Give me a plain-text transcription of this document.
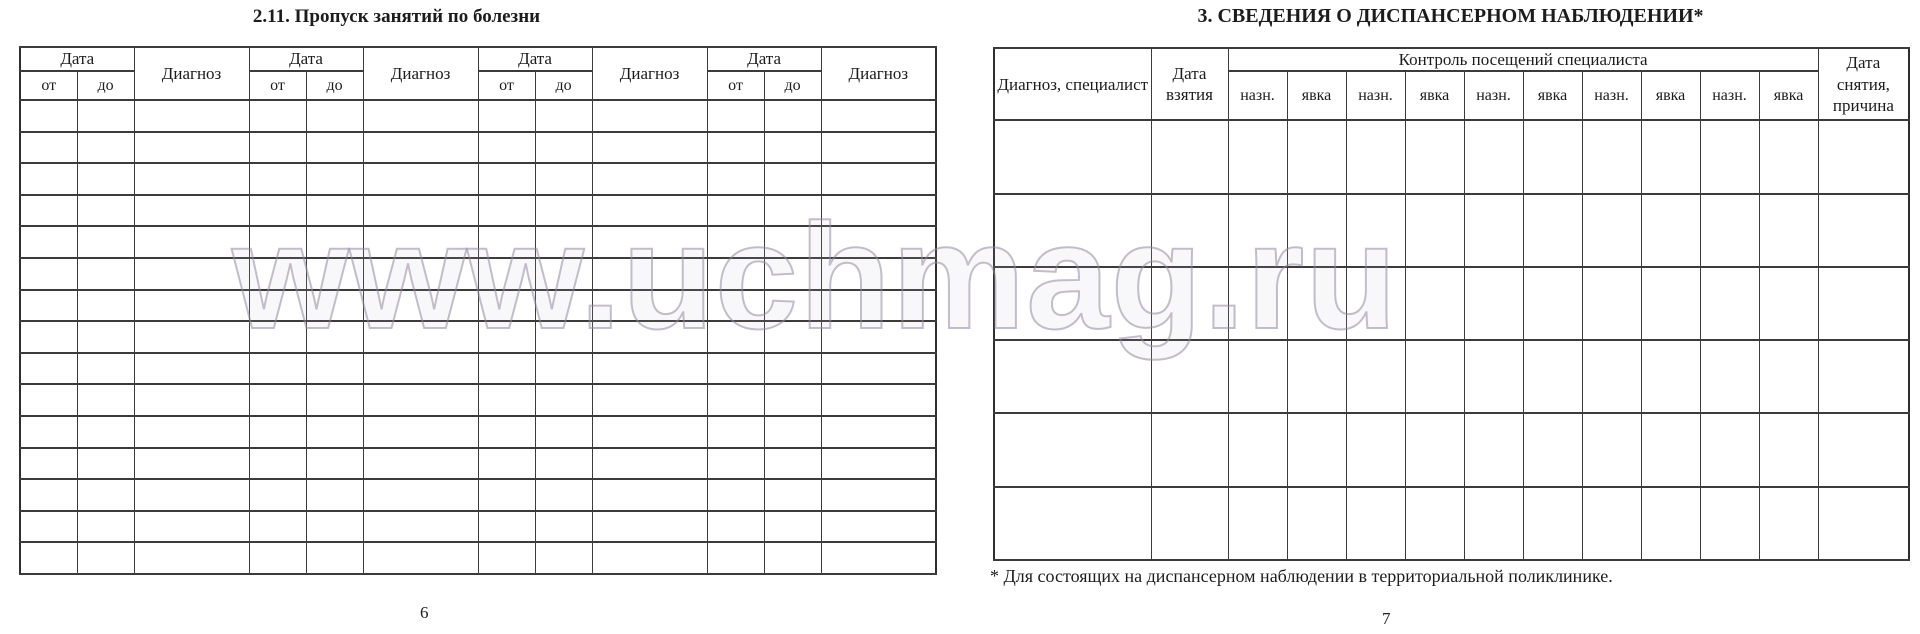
2.11. Пропуск занятий по болезни
Дата		Диагноз	Дата		Диагноз	Дата		Диагноз	Дата		Диагноз
от	до		от	до		от	до		от	до	

6
3. СВЕДЕНИЯ О ДИСПАНСЕРНОМ НАБЛЮДЕНИИ*
Диагноз, специалист	Дата взятия	Контроль посещений специалиста										Дата снятия, причина
		назн.	явка	назн.	явка	назн.	явка	назн.	явка	назн.	явка	

* Для состоящих на диспансерном наблюдении в территориальной поликлинике.
7
www.uchmag.ru
